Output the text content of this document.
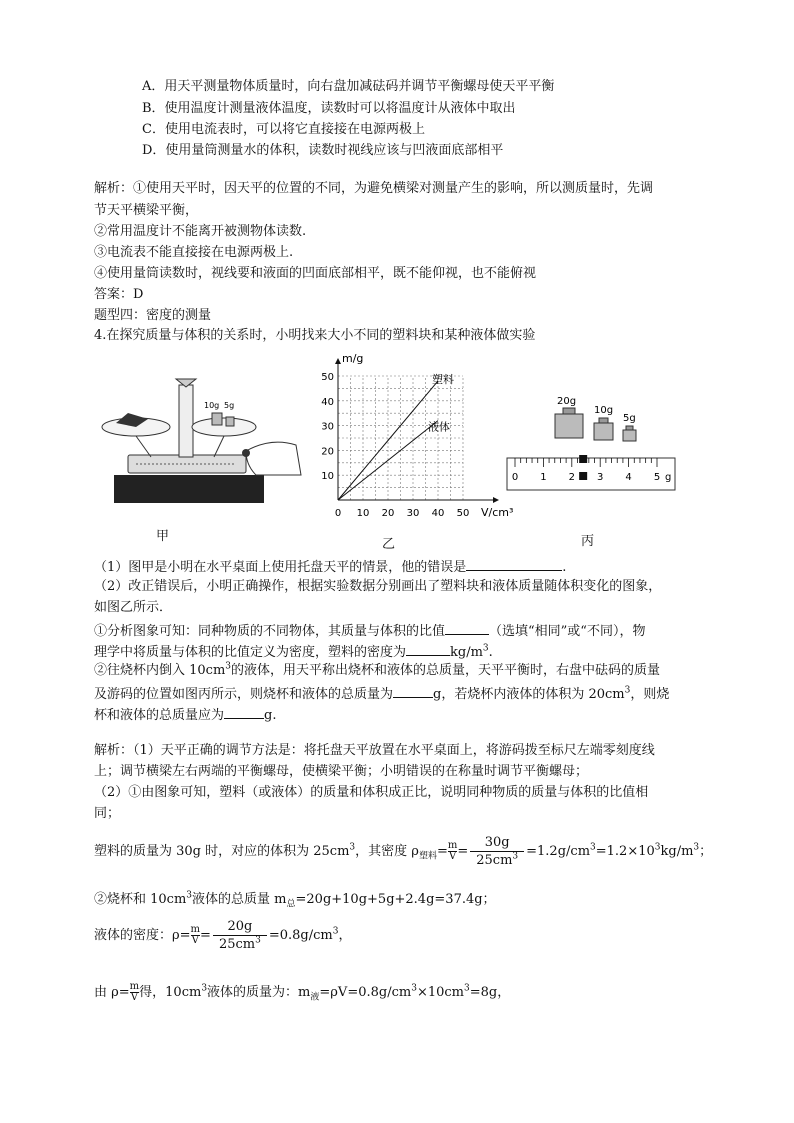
A．用天平测量物体质量时，向右盘加减砝码并调节平衡螺母使天平平衡
B．使用温度计测量液体温度，读数时可以将温度计从液体中取出
C．使用电流表时，可以将它直接接在电源两极上
D．使用量筒测量水的体积，读数时视线应该与凹液面底部相平
解析：①使用天平时，因天平的位置的不同，为避免横梁对测量产生的影响，所以测质量时，先调
节天平横梁平衡，
②常用温度计不能离开被测物体读数.
③电流表不能直接接在电源两极上.
④使用量筒读数时，视线要和液面的凹面底部相平，既不能仰视，也不能俯视
答案：D
题型四：密度的测量
4.在探究质量与体积的关系时，小明找来大小不同的塑料块和某种液体做实验
10g 5g
甲
0 10 20 30 40 50
10
20
30
40
50	塑料
液体
m/g
V/cm³
乙
20g
10g
5g
0 1 2 3 4 5 g
丙
（1）图甲是小明在水平桌面上使用托盘天平的情景，他的错误是	.
（2）改正错误后，小明正确操作，根据实验数据分别画出了塑料块和液体质量随体积变化的图象，
如图乙所示．
①分析图象可知：同种物质的不同物体，其质量与体积的比值	（选填“相同”或“不同），物
理学中将质量与体积的比值定义为密度，塑料的密度为	$kg/m^3$.
②往烧杯内倒入 $10cm^3$的液体，用天平称出烧杯和液体的总质量，天平平衡时，右盘中砝码的质量
及游码的位置如图丙所示，则烧杯和液体的总质量为	g，若烧杯内液体的体积为 $20cm^3$，则烧
杯和液体的总质量应为	g.
解析：（1）天平正确的调节方法是：将托盘天平放置在水平桌面上，将游码拨至标尺左端零刻度线
上；调节横梁左右两端的平衡螺母，使横梁平衡；小明错误的在称量时调节平衡螺母；
（2）①由图象可知，塑料（或液体）的质量和体积成正比，说明同种物质的质量与体积的比值相
同；
塑料的质量为 30g 时，对应的体积为 $25cm^3$，其密度 $\rho_{塑料}= \frac{m}{V} = \frac{30g}{25cm^3} =1.2g/cm^3=1.2\times 10^3kg/m^3$；
②烧杯和 $10cm^3$液体的总质量 $m_总=20g+10g+5g+2.4g=37.4g$；
液体的密度：$\rho= \frac{m}{V} = \frac{20g}{25cm^3} =0.8g/cm^3$，
由 $\rho= \frac{m}{V}$ 得，$10cm^3$液体的质量为：$m_液=\rho V=0.8g/cm^3\times 10cm^3=8g$，
